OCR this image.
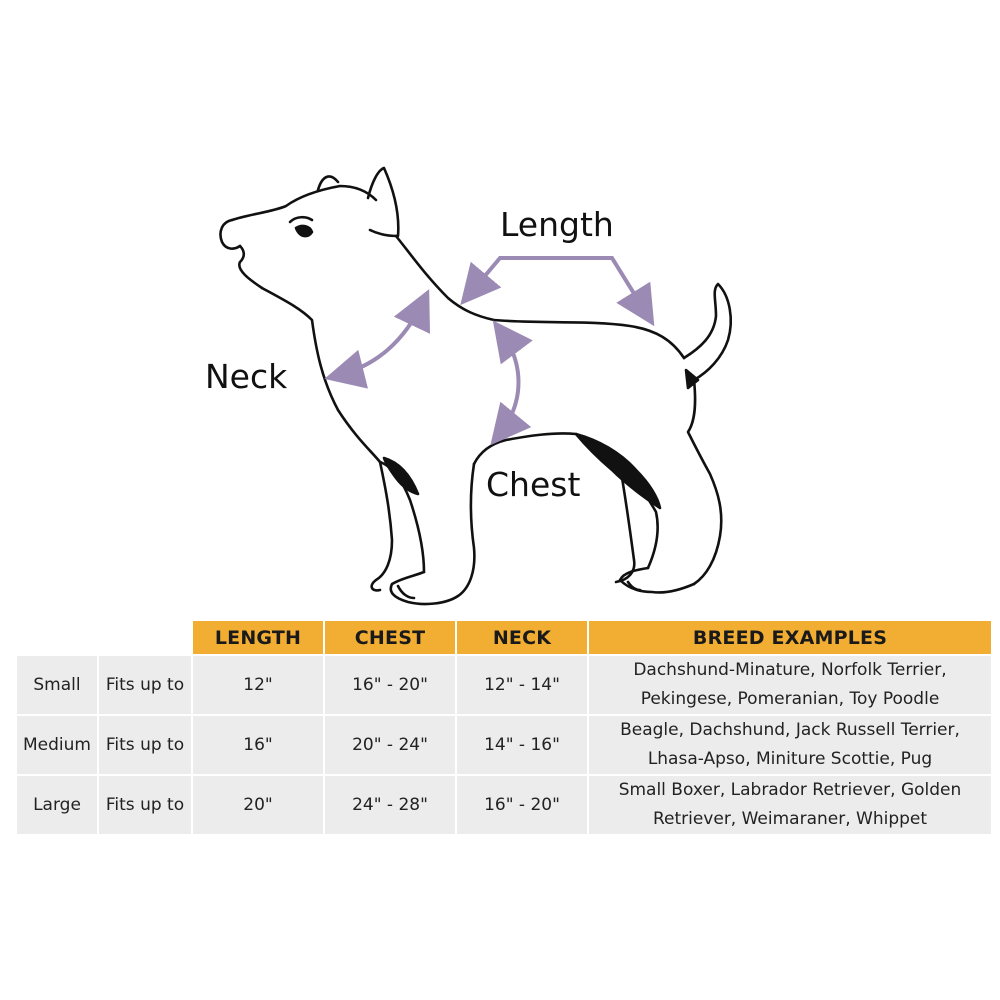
Length
Neck
Chest
		LENGTH	CHEST	NECK	BREED EXAMPLES
Small	Fits up to	12"	16" - 20"	12" - 14"	Dachshund-Minature, Norfolk Terrier,
Pekingese, Pomeranian, Toy Poodle

Medium	Fits up to	16"	20" - 24"	14" - 16"	Beagle, Dachshund, Jack Russell Terrier,
Lhasa-Apso, Miniture Scottie, Pug

Large	Fits up to	20"	24" - 28"	16" - 20"	Small Boxer, Labrador Retriever, Golden
Retriever, Weimaraner, Whippet
